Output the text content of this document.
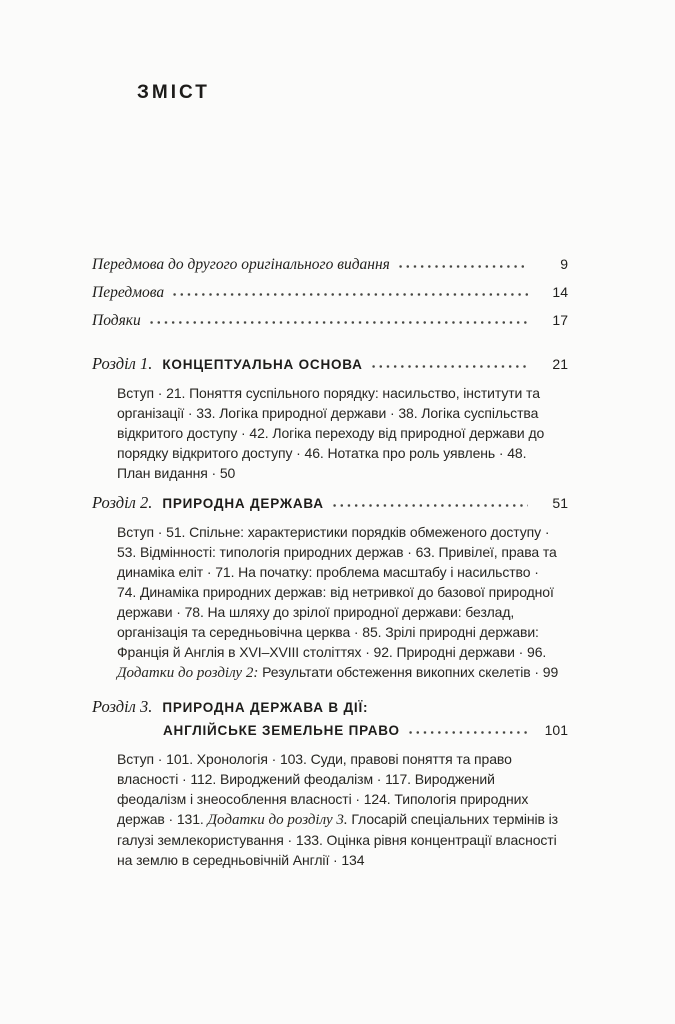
ЗМІСТ
Передмова до другого оригінального видання	9
Передмова	14
Подяки	17
Розділ 1. КОНЦЕПТУАЛЬНА ОСНОВА	21
Вступ · 21. Поняття суспільного порядку: насильство, інститути та організації · 33. Логіка природної держави · 38. Логіка суспільства відкритого доступу · 42. Логіка переходу від природної держави до порядку відкритого доступу · 46. Нотатка про роль уявлень · 48. План видання · 50
Розділ 2. ПРИРОДНА ДЕРЖАВА	51
Вступ · 51. Спільне: характеристики порядків обмеженого доступу · 53. Відмінності: типологія природних держав · 63. Привілеї, права та динаміка еліт · 71. На початку: проблема масштабу і насильство · 74. Динаміка природних держав: від нетривкої до базової природної держави · 78. На шляху до зрілої природної держави: безлад, організація та середньовічна церква · 85. Зрілі природні держави: Франція й Англія в XVI–XVIII століттях · 92. Природні держави · 96. Додатки до розділу 2: Результати обстеження викопних скелетів · 99
Розділ 3. ПРИРОДНА ДЕРЖАВА В ДІЇ:
АНГЛІЙСЬКЕ ЗЕМЕЛЬНЕ ПРАВО	101
Вступ · 101. Хронологія · 103. Суди, правові поняття та право власності · 112. Вироджений феодалізм · 117. Вироджений феодалізм і знеособлення власності · 124. Типологія природних держав · 131. Додатки до розділу 3. Глосарій спеціальних термінів із галузі землекористування · 133. Оцінка рівня концентрації власності на землю в середньовічній Англії · 134
